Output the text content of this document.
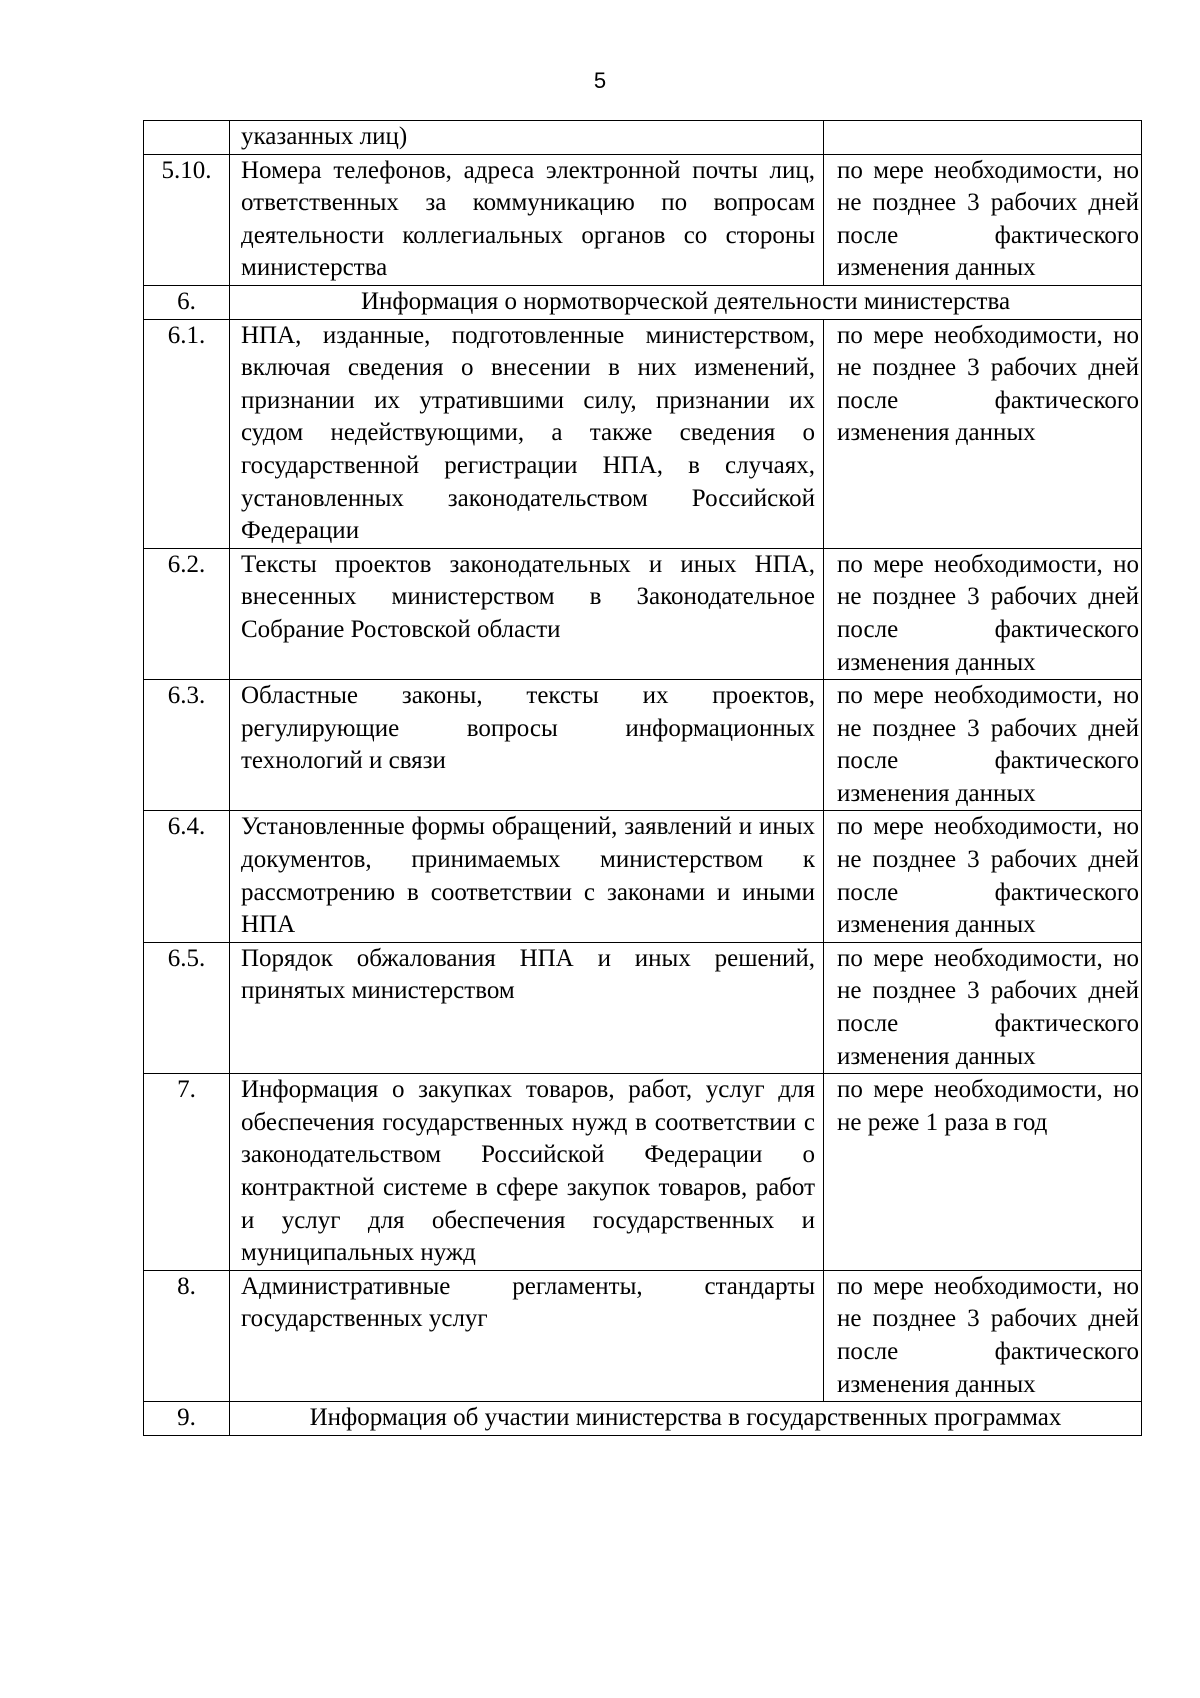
5
	указанных лиц)	
5.10.	Номера телефонов, адреса электронной почты лиц, ответственных за коммуникацию по вопросам деятельности коллегиальных органов со стороны министерства	по мере необходимости, но не позднее 3 рабочих дней после фактического изменения данных
6.	Информация о нормотворческой деятельности министерства	
6.1.	НПА, изданные, подготовленные министерством, включая сведения о внесении в них изменений, признании их утратившими силу, признании их судом недействующими, а также сведения о государственной регистрации НПА, в случаях, установленных законодательством Российской Федерации	по мере необходимости, но не позднее 3 рабочих дней после фактического изменения данных
6.2.	Тексты проектов законодательных и иных НПА, внесенных министерством в Законодательное Собрание Ростовской области	по мере необходимости, но не позднее 3 рабочих дней после фактического изменения данных
6.3.	Областные законы, тексты их проектов, регулирующие вопросы информационных технологий и связи	по мере необходимости, но не позднее 3 рабочих дней после фактического изменения данных
6.4.	Установленные формы обращений, заявлений и иных документов, принимаемых министерством к рассмотрению в соответствии с законами и иными НПА	по мере необходимости, но не позднее 3 рабочих дней после фактического изменения данных
6.5.	Порядок обжалования НПА и иных решений, принятых министерством	по мере необходимости, но не позднее 3 рабочих дней после фактического изменения данных
7.	Информация о закупках товаров, работ, услуг для обеспечения государственных нужд в соответствии с законодательством Российской Федерации о контрактной системе в сфере закупок товаров, работ и услуг для обеспечения государственных и муниципальных нужд	по мере необходимости, но не реже 1 раза в год
8.	Административные регламенты, стандарты государственных услуг	по мере необходимости, но не позднее 3 рабочих дней после фактического изменения данных
9.	Информация об участии министерства в государственных программах	
